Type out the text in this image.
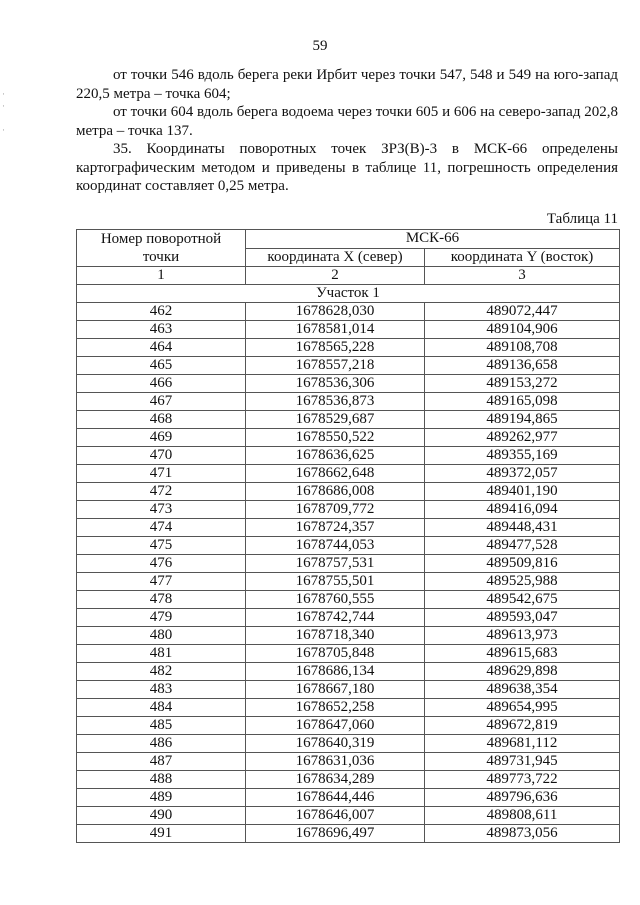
59
·
·

·

от точки 546 вдоль берега реки Ирбит через точки 547, 548 и 549 на юго-запад 220,5 метра – точка 604;

от точки 604 вдоль берега водоема через точки 605 и 606 на северо-запад 202,8 метра – точка 137.

35. Координаты поворотных точек ЗРЗ(В)-3 в МСК-66 определены картографическим методом и приведены в таблице 11, погрешность определения координат составляет 0,25 метра.

Таблица 11
Номер поворотной точки	МСК-66	
	координата X (север)	координата Y (восток)
1	2	3
Участок 1		
462	1678628,030	489072,447
463	1678581,014	489104,906
464	1678565,228	489108,708
465	1678557,218	489136,658
466	1678536,306	489153,272
467	1678536,873	489165,098
468	1678529,687	489194,865
469	1678550,522	489262,977
470	1678636,625	489355,169
471	1678662,648	489372,057
472	1678686,008	489401,190
473	1678709,772	489416,094
474	1678724,357	489448,431
475	1678744,053	489477,528
476	1678757,531	489509,816
477	1678755,501	489525,988
478	1678760,555	489542,675
479	1678742,744	489593,047
480	1678718,340	489613,973
481	1678705,848	489615,683
482	1678686,134	489629,898
483	1678667,180	489638,354
484	1678652,258	489654,995
485	1678647,060	489672,819
486	1678640,319	489681,112
487	1678631,036	489731,945
488	1678634,289	489773,722
489	1678644,446	489796,636
490	1678646,007	489808,611
491	1678696,497	489873,056
